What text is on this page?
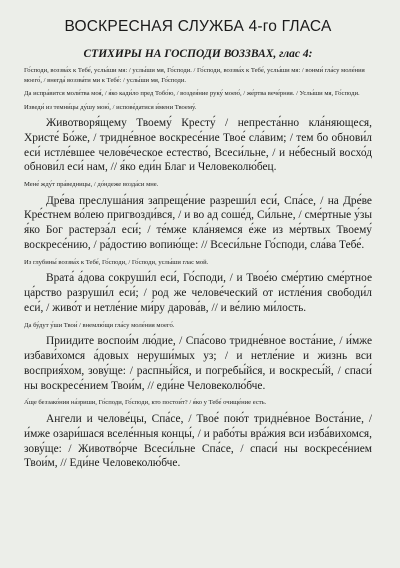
ВОСКРЕСНАЯ СЛУЖБА 4-го ГЛАСА
СТИХИРЫ НА ГОСПОДИ ВОЗЗВАХ, глас 4:

Го́споди, воззва́х к Тебе́, услы́ши мя: / услы́ши мя, Го́споди. / Го́споди, воззва́х к Тебе́, услы́ши мя: / вонми́ гла́су моле́ния моего́, / внегда́ воззва́ти ми к Тебе́: / услы́ши мя, Го́споди.

Да испра́вится моли́тва моя́, / я́ко кади́ло пред Тобо́ю, / воздея́ние руку́ моею́, / же́ртва вече́рняя. / Услы́ши мя, Го́споди.

Изведи́ из темни́цы ду́шу мою́, / испове́датися и́мени Твоему́.

Животворя́щему Твоему́ Кресту́ / непреста́нно кла́няющеся, Христе́ Бо́же, / тридне́вное воскресе́ние Твое́ сла́вим; / тем бо обнови́л еси́ истле́вшее челове́ческое естество́, Всеси́льне, / и не́бесный восхо́д обнови́л еси́ нам, // я́ко еди́н Благ и Человеколю́бец.

Мене́ жду́т пра́ведницы, / до́ндеже возда́си мне.

Дре́ва преслуша́ния запреще́ние разреши́л еси́, Спа́се, / на Дре́ве Кре́стнем во́лею пригвозди́вся, / и во ад соше́д, Си́льне, / сме́ртные у́зы я́ко Бог растерза́л еси́; / те́мже кла́няемся е́же из ме́ртвых Твоему́ воскресе́нию, / ра́достию вопию́ще: // Всеси́льне Го́споди, сла́ва Тебе́.

Из глубины́ воззва́х к Тебе́, Го́споди, / Го́споди, услы́ши глас мой.

Врата́ а́дова сокруши́л еси́, Го́споди, / и Твое́ю сме́ртию сме́ртное ца́рство разруши́л еси́; / род же челове́ческий от истле́ния свободи́л еси́, / живо́т и нетле́ние ми́ру дарова́в, // и ве́лию ми́лость.

Да бу́дут у́ши Твои́ / внемлю́щи гла́су моле́ния моего́.

Приидите воспои́м лю́дие, / Спа́сово тридне́вное воста́ние, / и́мже избави́хомся а́довых неруши́мых уз; / и нетле́ние и жизнь вси восприя́хом, зову́ще: / распны́йся, и погребы́йся, и воскресы́й, / спаси́ ны воскресе́нием Твои́м, // еди́не Человеколю́бче.

А́ще беззако́ния на́зриши, Го́споди, Го́споди, кто постои́т? / я́ко у Тебе́ очище́ние есть.

Ангели и челове́цы, Спа́се, / Твое́ пою́т тридне́вное Воста́ние, / и́мже озари́шася вселе́нныя концы́, / и рабо́ты вра́жия вси изба́вихомся, зову́ще: / Животво́рче Всеси́льне Спа́се, / спаси́ ны воскресе́нием Твои́м, // Еди́не Человеколю́бче.
